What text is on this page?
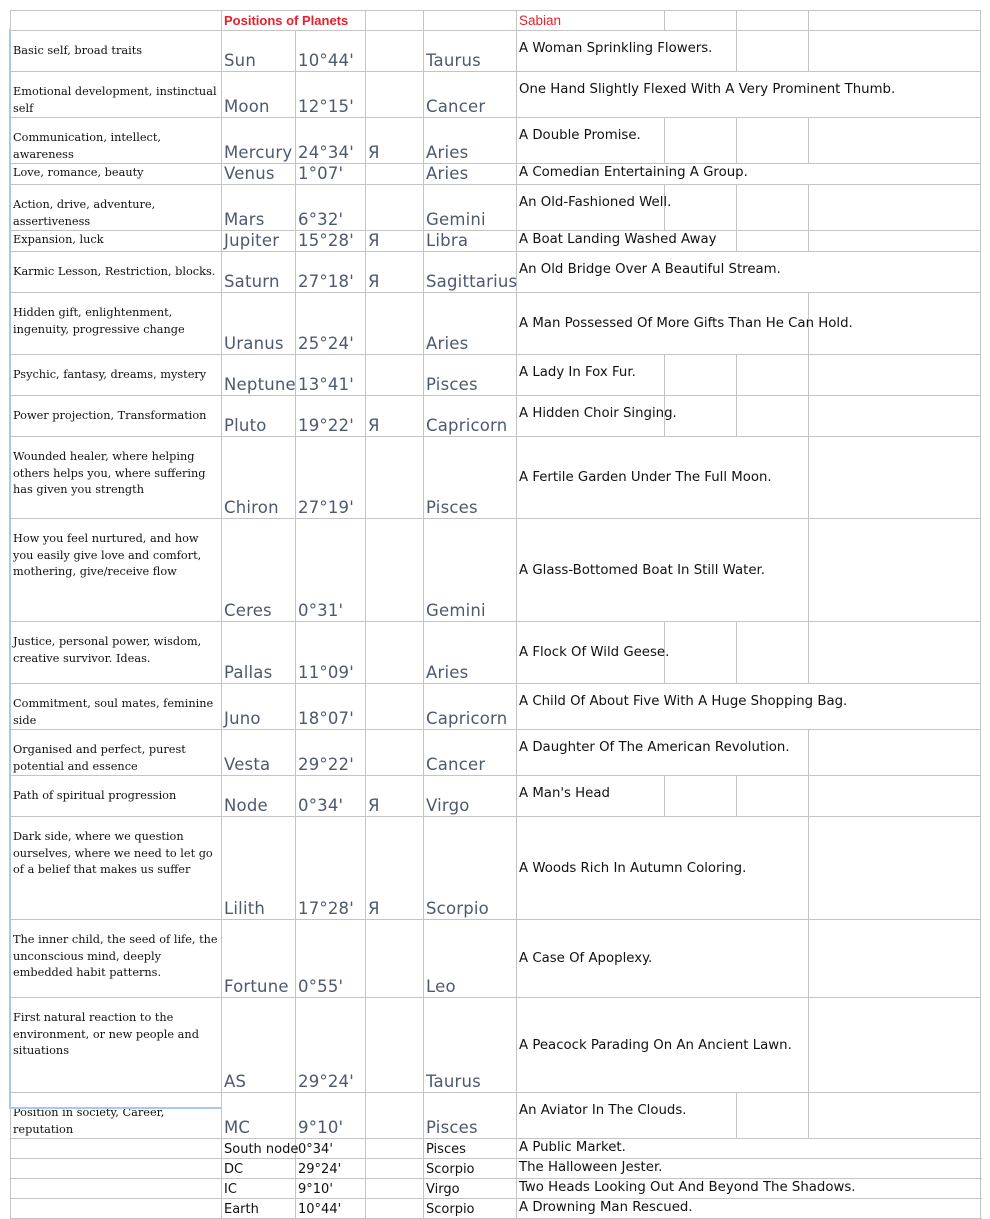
	Positions of Planets				Sabian			

Basic self, broad traits	Sun	10°44'		Taurus	A Woman Sprinkling Flowers.			

Emotional development, instinctual self	Moon	12°15'		Cancer	One Hand Slightly Flexed With A Very Prominent Thumb.			

Communication, intellect, awareness	Mercury	24°34'	Я	Aries	A Double Promise.			

Love, romance, beauty	Venus	1°07'		Aries	A Comedian Entertaining A Group.			

Action, drive, adventure, assertiveness	Mars	6°32'		Gemini	An Old-Fashioned Well.			

Expansion, luck	Jupiter	15°28'	Я	Libra	A Boat Landing Washed Away			

Karmic Lesson, Restriction, blocks.	Saturn	27°18'	Я	Sagittarius	An Old Bridge Over A Beautiful Stream.			

Hidden gift, enlightenment, ingenuity, progressive change	Uranus	25°24'		Aries	A Man Possessed Of More Gifts Than He Can Hold.			

Psychic, fantasy, dreams, mystery	Neptune	13°41'		Pisces	A Lady In Fox Fur.			

Power projection, Transformation	Pluto	19°22'	Я	Capricorn	A Hidden Choir Singing.			

Wounded healer, where helping others helps you, where suffering has given you strength	Chiron	27°19'		Pisces	A Fertile Garden Under The Full Moon.			

How you feel nurtured, and how you easily give love and comfort, mothering, give/receive flow	Ceres	0°31'		Gemini	A Glass-Bottomed Boat In Still Water.			

Justice, personal power, wisdom, creative survivor. Ideas.	Pallas	11°09'		Aries	A Flock Of Wild Geese.			

Commitment, soul mates, feminine side	Juno	18°07'		Capricorn	A Child Of About Five With A Huge Shopping Bag.			

Organised and perfect, purest potential and essence	Vesta	29°22'		Cancer	A Daughter Of The American Revolution.			

Path of spiritual progression	Node	0°34'	Я	Virgo	A Man's Head			

Dark side, where we question ourselves, where we need to let go of a belief that makes us suffer	Lilith	17°28'	Я	Scorpio	A Woods Rich In Autumn Coloring.			

The inner child, the seed of life, the unconscious mind, deeply embedded habit patterns.	Fortune	0°55'		Leo	A Case Of Apoplexy.			

First natural reaction to the environment, or new people and situations	AS	29°24'		Taurus	A Peacock Parading On An Ancient Lawn.			

Position in society, Career, reputation	MC	9°10'		Pisces	An Aviator In The Clouds.			

	South node	0°34'		Pisces	A Public Market.			

	DC	29°24'		Scorpio	The Halloween Jester.			

	IC	9°10'		Virgo	Two Heads Looking Out And Beyond The Shadows.			

	Earth	10°44'		Scorpio	A Drowning Man Rescued.			
